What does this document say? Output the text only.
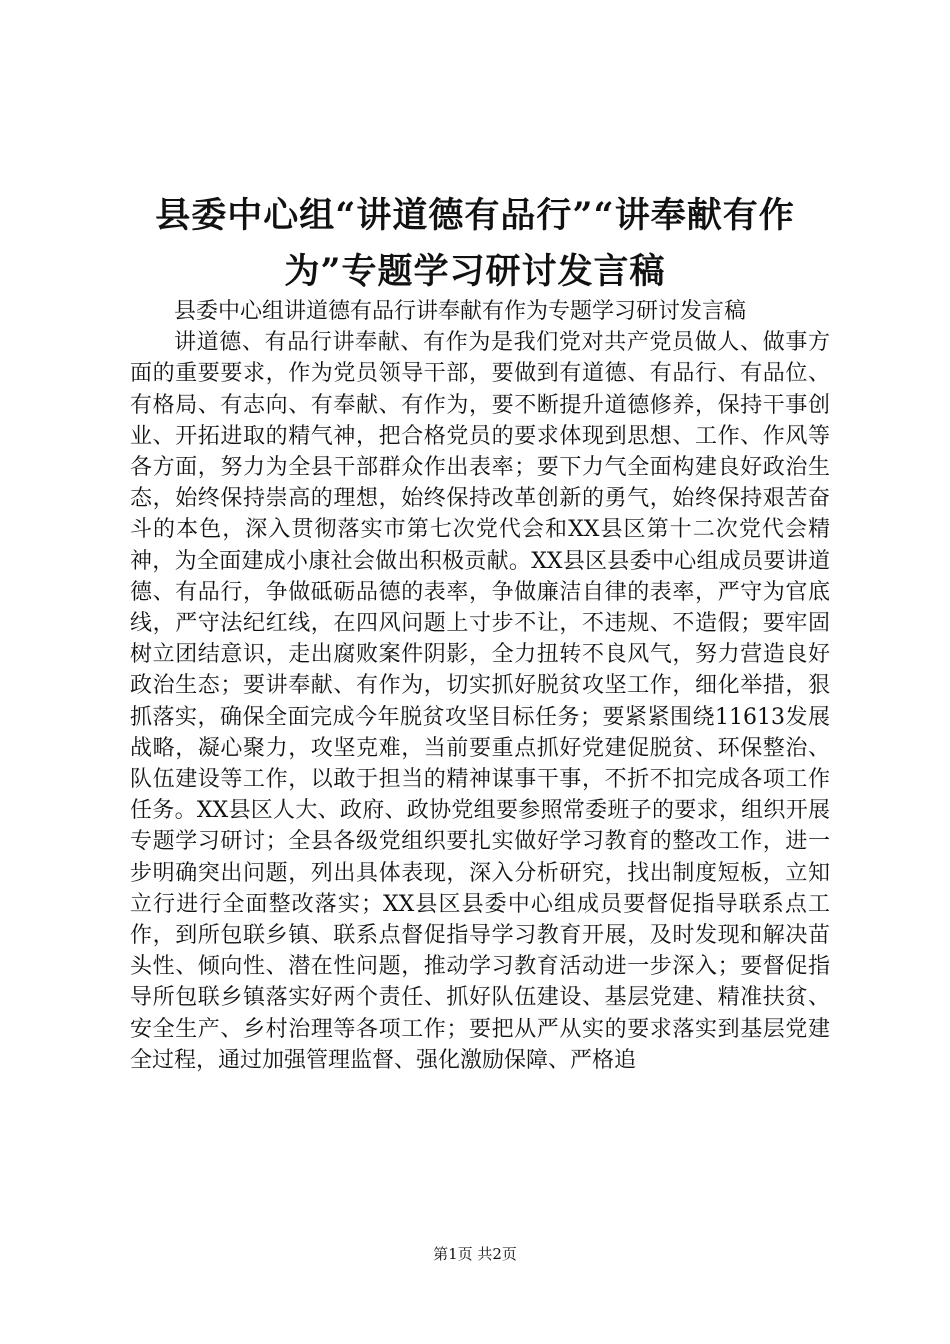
县委中心组“讲道德有品行”“讲奉献有作
为”专题学习研讨发言稿

县委中心组讲道德有品行讲奉献有作为专题学习研讨发言稿

讲道德、有品行讲奉献、有作为是我们党对共产党员做人、做事方面的重要要求，作为党员领导干部，要做到有道德、有品行、有品位、有格局、有志向、有奉献、有作为，要不断提升道德修养，保持干事创业、开拓进取的精气神，把合格党员的要求体现到思想、工作、作风等各方面，努力为全县干部群众作出表率；要下力气全面构建良好政治生态，始终保持崇高的理想，始终保持改革创新的勇气，始终保持艰苦奋斗的本色，深入贯彻落实市第七次党代会和XX县区第十二次党代会精神，为全面建成小康社会做出积极贡献。XX县区县委中心组成员要讲道德、有品行，争做砥砺品德的表率，争做廉洁自律的表率，严守为官底线，严守法纪红线，在四风问题上寸步不让，不违规、不造假；要牢固树立团结意识，走出腐败案件阴影，全力扭转不良风气，努力营造良好政治生态；要讲奉献、有作为，切实抓好脱贫攻坚工作，细化举措，狠抓落实，确保全面完成今年脱贫攻坚目标任务；要紧紧围绕11613发展战略，凝心聚力，攻坚克难，当前要重点抓好党建促脱贫、环保整治、队伍建设等工作，以敢于担当的精神谋事干事，不折不扣完成各项工作任务。XX县区人大、政府、政协党组要参照常委班子的要求，组织开展专题学习研讨；全县各级党组织要扎实做好学习教育的整改工作，进一步明确突出问题，列出具体表现，深入分析研究，找出制度短板，立知立行进行全面整改落实；XX县区县委中心组成员要督促指导联系点工作，到所包联乡镇、联系点督促指导学习教育开展，及时发现和解决苗头性、倾向性、潜在性问题，推动学习教育活动进一步深入；要督促指导所包联乡镇落实好两个责任、抓好队伍建设、基层党建、精准扶贫、安全生产、乡村治理等各项工作；要把从严从实的要求落实到基层党建全过程，通过加强管理监督、强化激励保障、严格追

第1页 共2页
